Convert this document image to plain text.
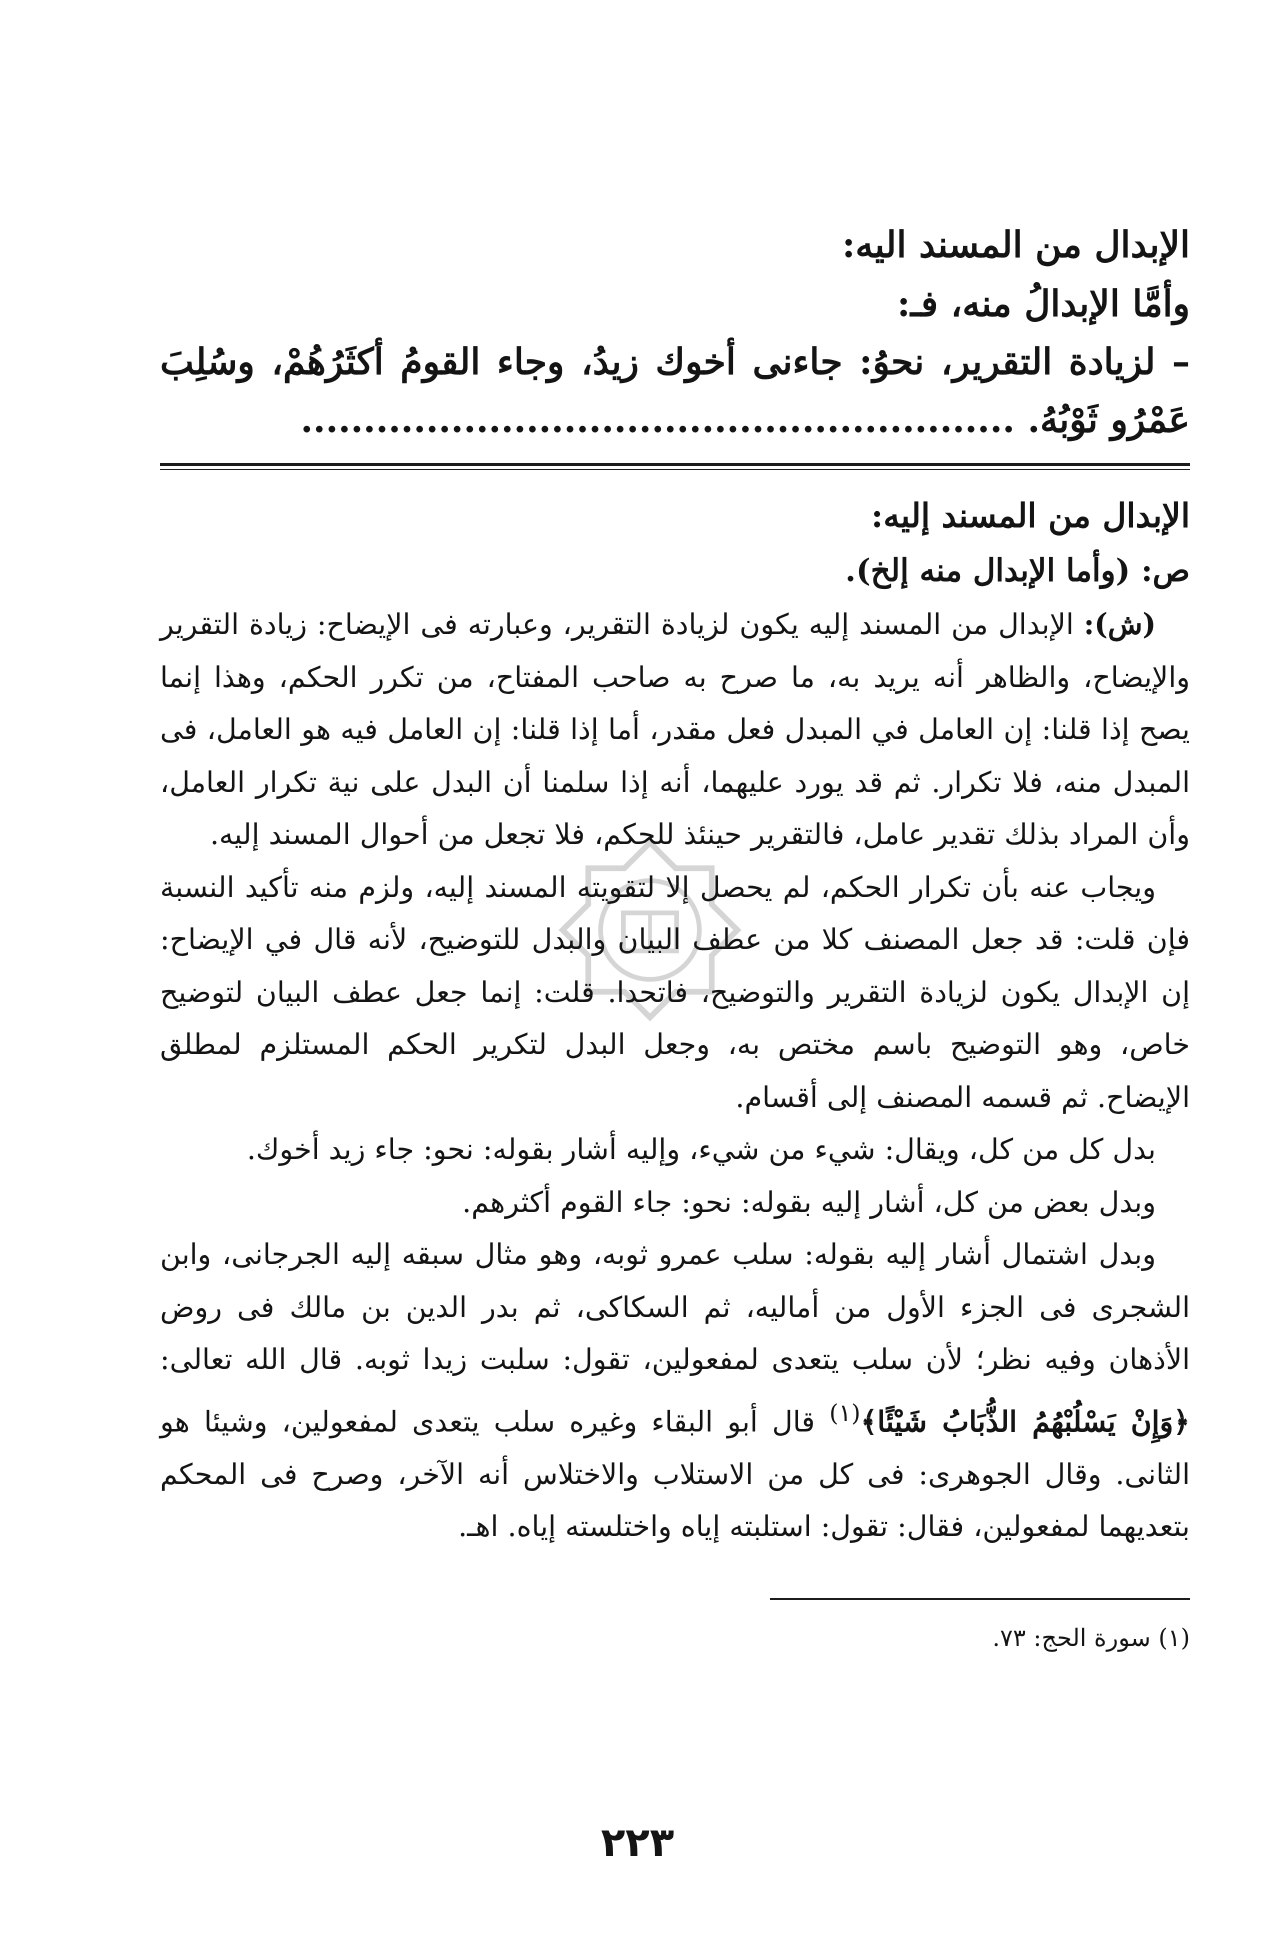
الإبدال من المسند اليه:

وأمَّا الإبدالُ منه، فـ:

– لزيادة التقرير، نحوُ: جاءنى أخوك زيدُ، وجاء القومُ أكثَرُهُمْ، وسُلِبَ عَمْرُو ثَوْبُهُ. .........................................................

الإبدال من المسند إليه:

ص: (وأما الإبدال منه إلخ).

(ش): الإبدال من المسند إليه يكون لزيادة التقرير، وعبارته فى الإيضاح: زيادة التقرير والإيضاح، والظاهر أنه يريد به، ما صرح به صاحب المفتاح، من تكرر الحكم، وهذا إنما يصح إذا قلنا: إن العامل في المبدل فعل مقدر، أما إذا قلنا: إن العامل فيه هو العامل، فى المبدل منه، فلا تكرار. ثم قد يورد عليهما، أنه إذا سلمنا أن البدل على نية تكرار العامل، وأن المراد بذلك تقدير عامل، فالتقرير حينئذ للحكم، فلا تجعل من أحوال المسند إليه.

ويجاب عنه بأن تكرار الحكم، لم يحصل إلا لتقويته المسند إليه، ولزم منه تأكيد النسبة فإن قلت: قد جعل المصنف كلا من عطف البيان والبدل للتوضيح، لأنه قال في الإيضاح: إن الإبدال يكون لزيادة التقرير والتوضيح، فاتحدا. قلت: إنما جعل عطف البيان لتوضيح خاص، وهو التوضيح باسم مختص به، وجعل البدل لتكرير الحكم المستلزم لمطلق الإيضاح. ثم قسمه المصنف إلى أقسام.

بدل كل من كل، ويقال: شيء من شيء، وإليه أشار بقوله: نحو: جاء زيد أخوك.

وبدل بعض من كل، أشار إليه بقوله: نحو: جاء القوم أكثرهم.

وبدل اشتمال أشار إليه بقوله: سلب عمرو ثوبه، وهو مثال سبقه إليه الجرجانى، وابن الشجرى فى الجزء الأول من أماليه، ثم السكاكى، ثم بدر الدين بن مالك فى روض الأذهان وفيه نظر؛ لأن سلب يتعدى لمفعولين، تقول: سلبت زيدا ثوبه. قال الله تعالى: ﴿وَإِنْ يَسْلُبْهُمُ الذُّبَابُ شَيْئًا﴾$^{(١)}$ قال أبو البقاء وغيره سلب يتعدى لمفعولين، وشيئا هو الثانى. وقال الجوهرى: فى كل من الاستلاب والاختلاس أنه الآخر، وصرح فى المحكم بتعديهما لمفعولين، فقال: تقول: استلبته إياه واختلسته إياه. اهـ.

(١) سورة الحج: ٧٣.

٢٢٣
